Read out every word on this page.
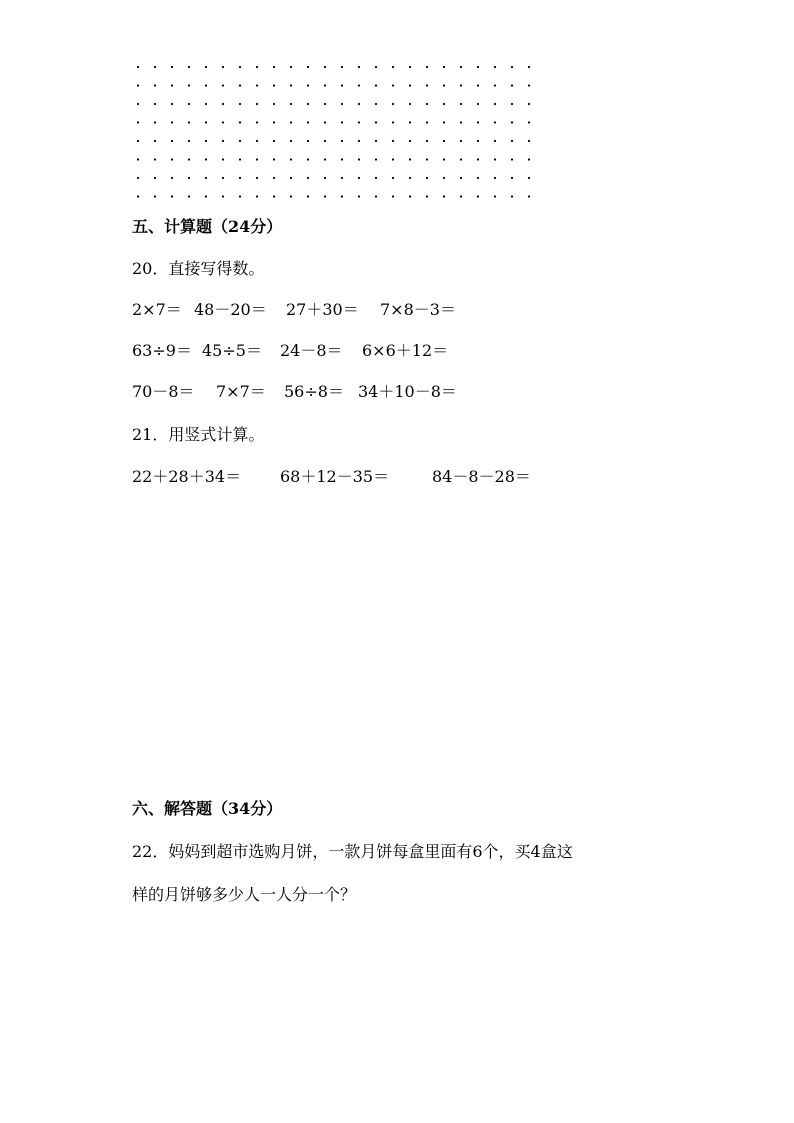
五、计算题（24分）
20．直接写得数。
2×7＝ 48－20＝ 27＋30＝ 7×8－3＝
63÷9＝ 45÷5＝ 24－8＝ 6×6＋12＝
70－8＝ 7×7＝ 56÷8＝ 34＋10－8＝
21．用竖式计算。
22＋28＋34＝ 68＋12－35＝	84－8－28＝
六、解答题（34分）
22．妈妈到超市选购月饼，一款月饼每盒里面有6个，买4盒这
样的月饼够多少人一人分一个？
